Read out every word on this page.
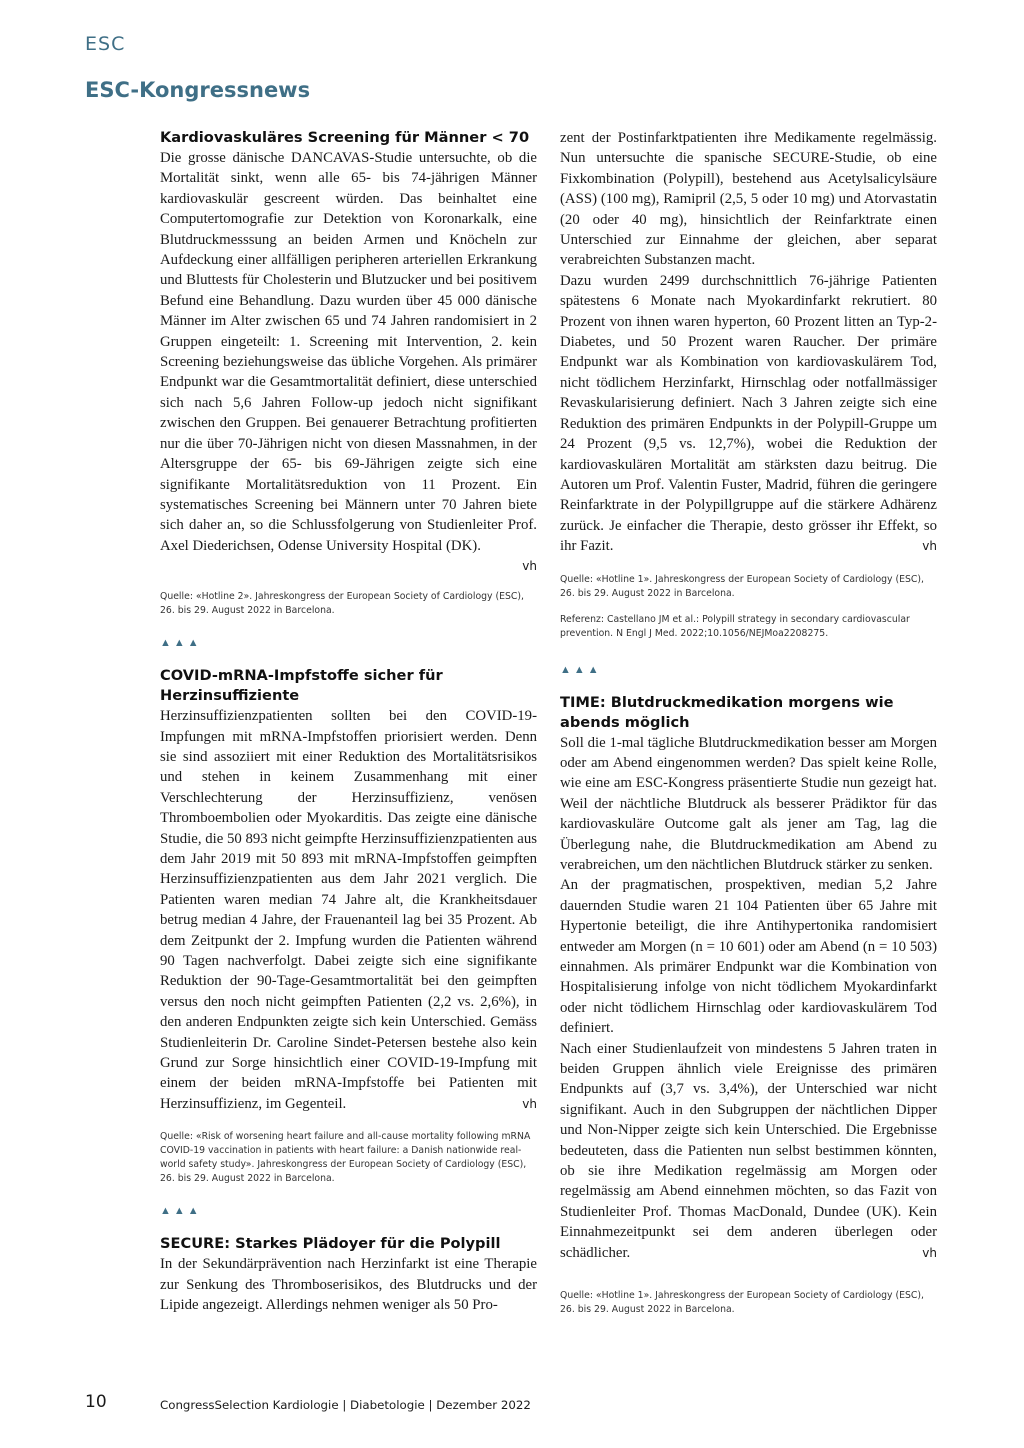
ESC
ESC-Kongressnews
Kardiovaskuläres Screening für Männer < 70

Die grosse dänische DANCAVAS-Studie untersuchte, ob die Mortalität sinkt, wenn alle 65- bis 74-jährigen Männer kardiovaskulär gescreent würden. Das beinhaltet eine Computertomografie zur Detektion von Koronarkalk, eine Blutdruckmesssung an beiden Armen und Knöcheln zur Aufdeckung einer allfälligen peripheren arteriellen Erkrankung und Bluttests für Cholesterin und Blutzucker und bei positivem Befund eine Behandlung. Dazu wurden über 45 000 dänische Männer im Alter zwischen 65 und 74 Jahren randomisiert in 2 Gruppen eingeteilt: 1. Screening mit Intervention, 2. kein Screening beziehungsweise das übliche Vorgehen. Als primärer Endpunkt war die Gesamtmortalität definiert, diese unterschied sich nach 5,6 Jahren Follow-up jedoch nicht signifikant zwischen den Gruppen. Bei genauerer Betrachtung profitierten nur die über 70-Jährigen nicht von diesen Massnahmen, in der Altersgruppe der 65- bis 69-Jährigen zeigte sich eine signifikante Mortalitätsreduktion von 11 Prozent. Ein systematisches Screening bei Männern unter 70 Jahren biete sich daher an, so die Schlussfolgerung von Studienleiter Prof. Axel Diederichsen, Odense University Hospital (DK).

vh

Quelle: «Hotline 2». Jahreskongress der European Society of Cardiology (ESC), 26. bis 29. August 2022 in Barcelona.

▲▲▲
COVID-mRNA-Impfstoffe sicher für Herzinsuffiziente

Herzinsuffizienzpatienten sollten bei den COVID-19-Impfungen mit mRNA-Impfstoffen priorisiert werden. Denn sie sind assoziiert mit einer Reduktion des Mortalitätsrisikos und stehen in keinem Zusammenhang mit einer Verschlechterung der Herzinsuffizienz, venösen Thromboembolien oder Myokarditis. Das zeigte eine dänische Studie, die 50 893 nicht geimpfte Herzinsuffizienzpatienten aus dem Jahr 2019 mit 50 893 mit mRNA-Impfstoffen geimpften Herzinsuffizienzpatienten aus dem Jahr 2021 verglich. Die Patienten waren median 74 Jahre alt, die Krankheitsdauer betrug median 4 Jahre, der Frauenanteil lag bei 35 Prozent. Ab dem Zeitpunkt der 2. Impfung wurden die Patienten während 90 Tagen nachverfolgt. Dabei zeigte sich eine signifikante Reduktion der 90-Tage-Gesamtmortalität bei den geimpften versus den noch nicht geimpften Patienten (2,2 vs. 2,6%), in den anderen Endpunkten zeigte sich kein Unterschied. Gemäss Studienleiterin Dr. Caroline Sindet-Petersen bestehe also kein Grund zur Sorge hinsichtlich einer COVID-19-Impfung mit einem der beiden mRNA-Impfstoffe bei Patienten mit Herzinsuffizienz, im Gegenteil.	vh

Quelle: «Risk of worsening heart failure and all-cause mortality following mRNA COVID-19 vaccination in patients with heart failure: a Danish nationwide real-world safety study». Jahreskongress der European Society of Cardiology (ESC), 26. bis 29. August 2022 in Barcelona.

▲▲▲
SECURE: Starkes Plädoyer für die Polypill

In der Sekundärprävention nach Herzinfarkt ist eine Therapie zur Senkung des Thromboserisikos, des Blutdrucks und der Lipide angezeigt. Allerdings nehmen weniger als 50 Pro-

zent der Postinfarktpatienten ihre Medikamente regelmässig. Nun untersuchte die spanische SECURE-Studie, ob eine Fixkombination (Polypill), bestehend aus Acetylsalicylsäure (ASS) (100 mg), Ramipril (2,5, 5 oder 10 mg) und Atorvastatin (20 oder 40 mg), hinsichtlich der Reinfarktrate einen Unterschied zur Einnahme der gleichen, aber separat verabreichten Substanzen macht.

Dazu wurden 2499 durchschnittlich 76-jährige Patienten spätestens 6 Monate nach Myokardinfarkt rekrutiert. 80 Prozent von ihnen waren hyperton, 60 Prozent litten an Typ-2-Diabetes, und 50 Prozent waren Raucher. Der primäre Endpunkt war als Kombination von kardiovaskulärem Tod, nicht tödlichem Herzinfarkt, Hirnschlag oder notfallmässiger Revaskularisierung definiert. Nach 3 Jahren zeigte sich eine Reduktion des primären Endpunkts in der Polypill-Gruppe um 24 Prozent (9,5 vs. 12,7%), wobei die Reduktion der kardiovaskulären Mortalität am stärksten dazu beitrug. Die Autoren um Prof. Valentin Fuster, Madrid, führen die geringere Reinfarktrate in der Polypillgruppe auf die stärkere Adhärenz zurück. Je einfacher die Therapie, desto grösser ihr Effekt, so ihr Fazit.	vh

Quelle: «Hotline 1». Jahreskongress der European Society of Cardiology (ESC), 26. bis 29. August 2022 in Barcelona.

Referenz: Castellano JM et al.: Polypill strategy in secondary cardiovascular prevention. N Engl J Med. 2022;10.1056/NEJMoa2208275.

▲▲▲
TIME: Blutdruckmedikation morgens wie abends möglich

Soll die 1-mal tägliche Blutdruckmedikation besser am Morgen oder am Abend eingenommen werden? Das spielt keine Rolle, wie eine am ESC-Kongress präsentierte Studie nun gezeigt hat. Weil der nächtliche Blutdruck als besserer Prädiktor für das kardiovaskuläre Outcome galt als jener am Tag, lag die Überlegung nahe, die Blutdruckmedikation am Abend zu verabreichen, um den nächtlichen Blutdruck stärker zu senken.

An der pragmatischen, prospektiven, median 5,2 Jahre dauernden Studie waren 21 104 Patienten über 65 Jahre mit Hypertonie beteiligt, die ihre Antihypertonika randomisiert entweder am Morgen (n = 10 601) oder am Abend (n = 10 503) einnahmen. Als primärer Endpunkt war die Kombination von Hospitalisierung infolge von nicht tödlichem Myokardinfarkt oder nicht tödlichem Hirnschlag oder kardiovaskulärem Tod definiert.

Nach einer Studienlaufzeit von mindestens 5 Jahren traten in beiden Gruppen ähnlich viele Ereignisse des primären Endpunkts auf (3,7 vs. 3,4%), der Unterschied war nicht signifikant. Auch in den Subgruppen der nächtlichen Dipper und Non-Nipper zeigte sich kein Unterschied. Die Ergebnisse bedeuteten, dass die Patienten nun selbst bestimmen könnten, ob sie ihre Medikation regelmässig am Morgen oder regelmässig am Abend einnehmen möchten, so das Fazit von Studienleiter Prof. Thomas MacDonald, Dundee (UK). Kein Einnahmezeitpunkt sei dem anderen überlegen oder schädlicher.	vh

Quelle: «Hotline 1». Jahreskongress der European Society of Cardiology (ESC), 26. bis 29. August 2022 in Barcelona.

10	CongressSelection Kardiologie | Diabetologie | Dezember 2022
